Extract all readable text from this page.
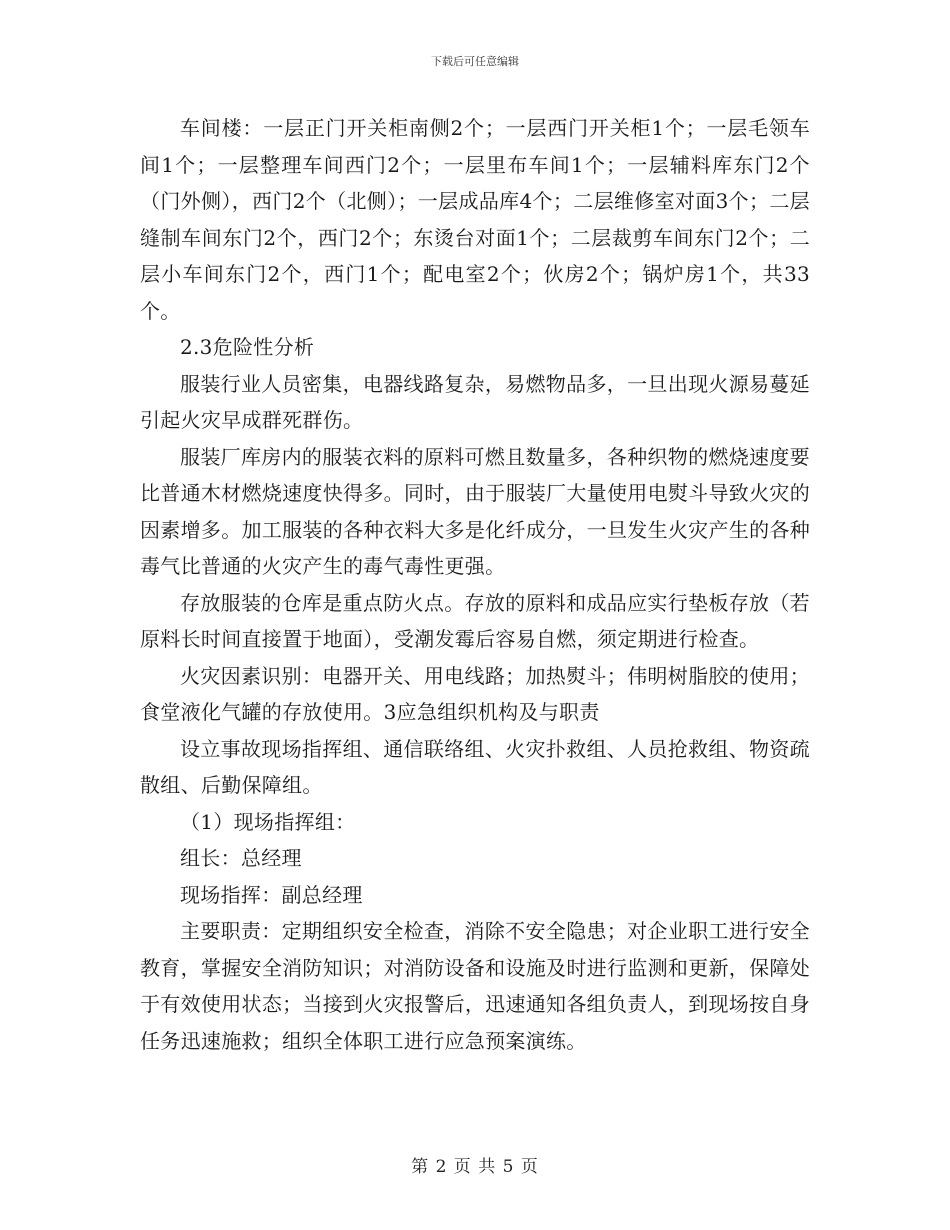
下载后可任意编辑

车间楼：一层正门开关柜南侧2个；一层西门开关柜1个；一层毛领车间1个；一层整理车间西门2个；一层里布车间1个；一层辅料库东门2个（门外侧），西门2个（北侧）；一层成品库4个；二层维修室对面3个；二层缝制车间东门2个，西门2个；东烫台对面1个；二层裁剪车间东门2个；二层小车间东门2个，西门1个；配电室2个；伙房2个；锅炉房1个，共33个。

2.3危险性分析

服装行业人员密集，电器线路复杂，易燃物品多，一旦出现火源易蔓延引起火灾早成群死群伤。

服装厂库房内的服装衣料的原料可燃且数量多，各种织物的燃烧速度要比普通木材燃烧速度快得多。同时，由于服装厂大量使用电熨斗导致火灾的因素增多。加工服装的各种衣料大多是化纤成分，一旦发生火灾产生的各种毒气比普通的火灾产生的毒气毒性更强。

存放服装的仓库是重点防火点。存放的原料和成品应实行垫板存放（若原料长时间直接置于地面），受潮发霉后容易自燃，须定期进行检查。

火灾因素识别：电器开关、用电线路；加热熨斗；伟明树脂胶的使用；食堂液化气罐的存放使用。3应急组织机构及与职责

设立事故现场指挥组、通信联络组、火灾扑救组、人员抢救组、物资疏散组、后勤保障组。

（1）现场指挥组：

组长：总经理

现场指挥：副总经理

主要职责：定期组织安全检查，消除不安全隐患；对企业职工进行安全教育，掌握安全消防知识；对消防设备和设施及时进行监测和更新，保障处于有效使用状态；当接到火灾报警后，迅速通知各组负责人，到现场按自身任务迅速施救；组织全体职工进行应急预案演练。

第 2 页 共 5 页
